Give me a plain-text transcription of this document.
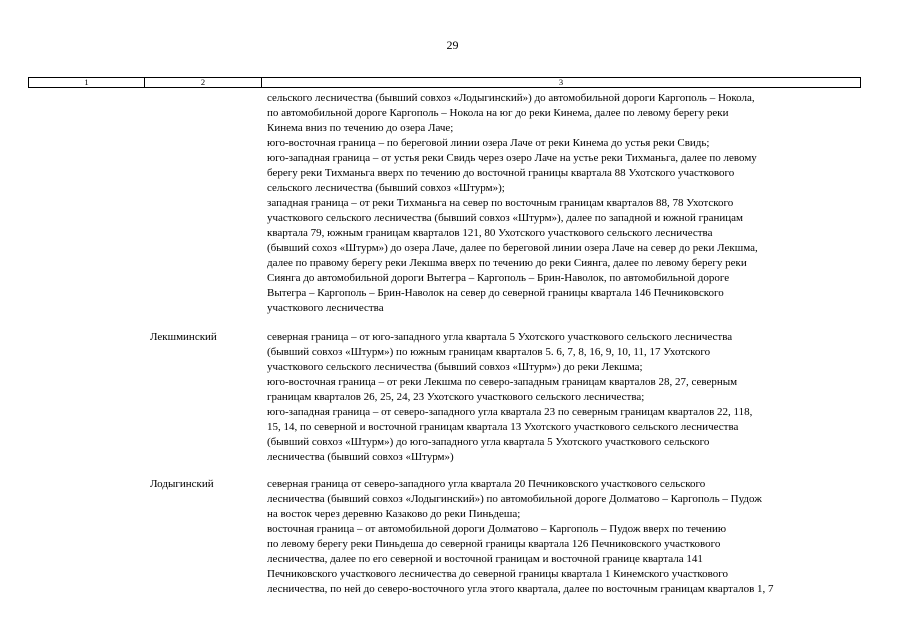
29
1	2	3
сельского лесничества (бывший совхоз «Лодыгинский») до автомобильной дороги Каргополь – Нокола,
по автомобильной дороге Каргополь – Нокола на юг до реки Кинема, далее по левому берегу реки
Кинема вниз по течению до озера Лаче;
юго-восточная граница – по береговой линии озера Лаче от реки Кинема до устья реки Свидь;
юго-западная граница – от устья реки Свидь через озеро Лаче на устье реки Тихманьга, далее по левому
берегу реки Тихманьга вверх по течению до восточной границы квартала 88 Ухотского участкового
сельского лесничества (бывший совхоз «Штурм»);
западная граница – от реки Тихманьга на север по восточным границам кварталов 88, 78 Ухотского
участкового сельского лесничества (бывший совхоз «Штурм»), далее по западной и южной границам
квартала 79, южным границам кварталов 121, 80 Ухотского участкового сельского лесничества
(бывший сохоз «Штурм») до озера Лаче, далее по береговой линии озера Лаче на север до реки Лекшма,
далее по правому берегу реки Лекшма вверх по течению до реки Сиянга, далее по левому берегу реки
Сиянга до автомобильной дороги Вытегра – Каргополь – Брин-Наволок, по автомобильной дороге
Вытегра – Каргополь – Брин-Наволок на север до северной границы квартала 146 Печниковского
участкового лесничества
Лекшминский	северная граница – от юго-западного угла квартала 5 Ухотского участкового сельского лесничества
(бывший совхоз «Штурм») по южным границам кварталов 5. 6, 7, 8, 16, 9, 10, 11, 17 Ухотского
участкового сельского лесничества (бывший совхоз «Штурм») до реки Лекшма;
юго-восточная граница – от реки Лекшма по северо-западным границам кварталов 28, 27, северным
границам кварталов 26, 25, 24, 23 Ухотского участкового сельского лесничества;
юго-западная граница – от северо-западного угла квартала 23 по северным границам кварталов 22, 118,
15, 14, по северной и восточной границам квартала 13 Ухотского участкового сельского лесничества
(бывший совхоз «Штурм») до юго-западного угла квартала 5 Ухотского участкового сельского
лесничества (бывший совхоз «Штурм»)
Лодыгинский	северная граница от северо-западного угла квартала 20 Печниковского участкового сельского
лесничества (бывший совхоз «Лодыгинский») по автомобильной дороге Долматово – Каргополь – Пудож
на восток через деревню Казаково до реки Пиньдеша;
восточная граница – от автомобильной дороги Долматово – Каргополь – Пудож вверх по течению
по левому берегу реки Пиньдеша до северной границы квартала 126 Печниковского участкового
лесничества, далее по его северной и восточной границам и восточной границе квартала 141
Печниковского участкового лесничества до северной границы квартала 1 Кинемского участкового
лесничества, по ней до северо-восточного угла этого квартала, далее по восточным границам кварталов 1, 7
